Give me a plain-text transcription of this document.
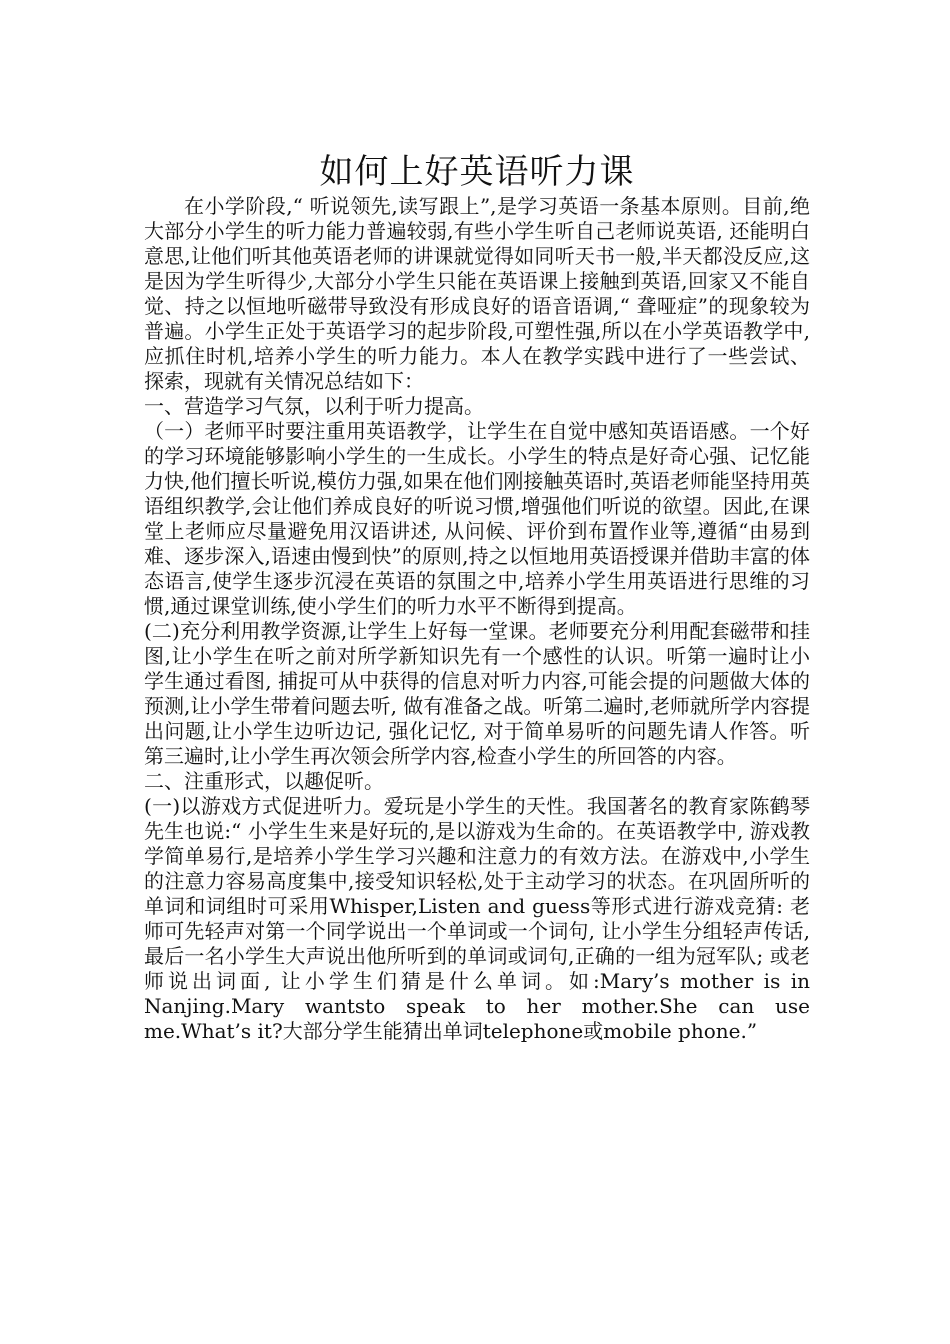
如何上好英语听力课

在小学阶段,“ 听说领先,读写跟上”,是学习英语一条基本原则。目前,绝大部分小学生的听力能力普遍较弱,有些小学生听自己老师说英语, 还能明白意思,让他们听其他英语老师的讲课就觉得如同听天书一般,半天都没反应,这是因为学生听得少,大部分小学生只能在英语课上接触到英语,回家又不能自觉、持之以恒地听磁带导致没有形成良好的语音语调,“ 聋哑症”的现象较为普遍。小学生正处于英语学习的起步阶段,可塑性强,所以在小学英语教学中,应抓住时机,培养小学生的听力能力。本人在教学实践中进行了一些尝试、探索，现就有关情况总结如下：

一、营造学习气氛，以利于听力提高。

（一）老师平时要注重用英语教学，让学生在自觉中感知英语语感。一个好的学习环境能够影响小学生的一生成长。小学生的特点是好奇心强、记忆能力快,他们擅长听说,模仿力强,如果在他们刚接触英语时,英语老师能坚持用英语组织教学,会让他们养成良好的听说习惯,增强他们听说的欲望。因此,在课堂上老师应尽量避免用汉语讲述, 从问候、评价到布置作业等,遵循“由易到难、逐步深入,语速由慢到快”的原则,持之以恒地用英语授课并借助丰富的体态语言,使学生逐步沉浸在英语的氛围之中,培养小学生用英语进行思维的习惯,通过课堂训练,使小学生们的听力水平不断得到提高。

(二)充分利用教学资源,让学生上好每一堂课。老师要充分利用配套磁带和挂图,让小学生在听之前对所学新知识先有一个感性的认识。听第一遍时让小学生通过看图, 捕捉可从中获得的信息对听力内容,可能会提的问题做大体的预测,让小学生带着问题去听, 做有准备之战。听第二遍时,老师就所学内容提出问题,让小学生边听边记, 强化记忆, 对于简单易听的问题先请人作答。听第三遍时,让小学生再次领会所学内容,检查小学生的所回答的内容。

二、注重形式，以趣促听。

(一)以游戏方式促进听力。爱玩是小学生的天性。我国著名的教育家陈鹤琴先生也说:“ 小学生生来是好玩的,是以游戏为生命的。在英语教学中, 游戏教学简单易行,是培养小学生学习兴趣和注意力的有效方法。在游戏中,小学生的注意力容易高度集中,接受知识轻松,处于主动学习的状态。在巩固所听的单词和词组时可采用Whisper,Listen and guess等形式进行游戏竞猜: 老师可先轻声对第一个同学说出一个单词或一个词句, 让小学生分组轻声传话,最后一名小学生大声说出他所听到的单词或词句,正确的一组为冠军队; 或老师说出词面, 让小学生们猜是什么单词。如:Mary’s mother is in Nanjing.Mary wantsto speak to her mother.She can use me.What’s it?大部分学生能猜出单词telephone或mobile phone.”
